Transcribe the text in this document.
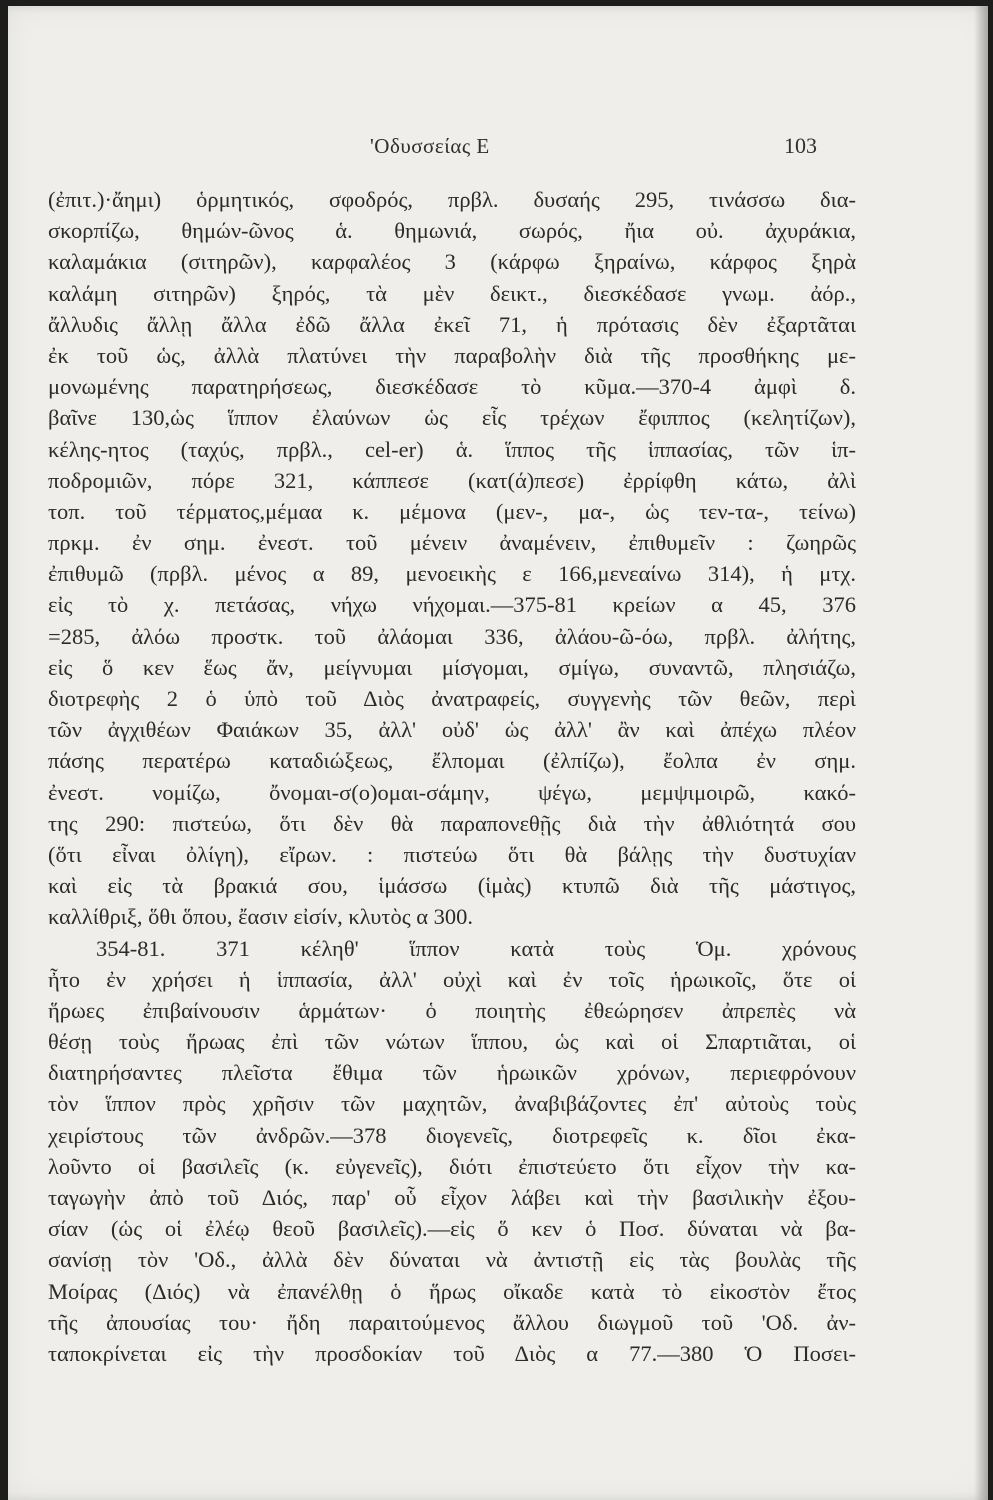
'Οδυσσείας Ε	103
(ἐπιτ.)·ἄημι) ὁρμητικός, σφοδρός, πρβλ. δυσαής 295, τινάσσω δια-
σκορπίζω, θημών-ῶνος ἁ. θημωνιά, σωρός, ἤια οὐ. ἀχυράκια,
καλαμάκια (σιτηρῶν), καρφαλέος 3 (κάρφω ξηραίνω, κάρφος ξηρὰ
καλάμη σιτηρῶν) ξηρός, τὰ μὲν δεικτ., διεσκέδασε γνωμ. ἀόρ.,
ἄλλυδις ἄλλῃ ἄλλα ἐδῶ ἄλλα ἐκεῖ 71, ἡ πρότασις δὲν ἐξαρτᾶται
ἐκ τοῦ ὡς, ἀλλὰ πλατύνει τὴν παραβολὴν διὰ τῆς προσθήκης με-
μονωμένης παρατηρήσεως, διεσκέδασε τὸ κῦμα.—370-4 ἀμφὶ δ.
βαῖνε 130,ὡς ἵππον ἐλαύνων ὡς εἷς τρέχων ἔφιππος (κελητίζων),
κέλης-ητος (ταχύς, πρβλ., cel-er) ἁ. ἵππος τῆς ἱππασίας, τῶν ἱπ-
ποδρομιῶν, πόρε 321, κάππεσε (κατ(ά)πεσε) ἐρρίφθη κάτω, ἀλὶ
τοπ. τοῦ τέρματος,μέμαα κ. μέμονα (μεν-, μα-, ὡς τεν-τα-, τείνω)
πρκμ. ἐν σημ. ἐνεστ. τοῦ μένειν ἀναμένειν, ἐπιθυμεῖν : ζωηρῶς
ἐπιθυμῶ (πρβλ. μένος α 89, μενοεικὴς ε 166,μενεαίνω 314), ἡ μτχ.
εἰς τὸ χ. πετάσας, νήχω νήχομαι.—375-81 κρείων α 45, 376
=285, ἀλόω προστκ. τοῦ ἀλάομαι 336, ἀλάου-ῶ-όω, πρβλ. ἀλήτης,
εἰς ὅ κεν ἕως ἄν, μείγνυμαι μίσγομαι, σμίγω, συναντῶ, πλησιάζω,
διοτρεφὴς 2 ὁ ὑπὸ τοῦ Διὸς ἀνατραφείς, συγγενὴς τῶν θεῶν, περὶ
τῶν ἀγχιθέων Φαιάκων 35, ἀλλ' οὐδ' ὡς ἀλλ' ἂν καὶ ἀπέχω πλέον
πάσης περατέρω καταδιώξεως, ἔλπομαι (ἐλπίζω), ἔολπα ἐν σημ.
ἐνεστ. νομίζω, ὄνομαι-σ(ο)ομαι-σάμην, ψέγω, μεμψιμοιρῶ, κακό-
της 290: πιστεύω, ὅτι δὲν θὰ παραπονεθῇς διὰ τὴν ἀθλιότητά σου
(ὅτι εἶναι ὀλίγη), εἴρων. : πιστεύω ὅτι θὰ βάλῃς τὴν δυστυχίαν
καὶ εἰς τὰ βρακιά σου, ἱμάσσω (ἱμὰς) κτυπῶ διὰ τῆς μάστιγος,
καλλίθριξ, ὅθι ὅπου, ἔασιν εἰσίν, κλυτὸς α 300.
354-81. 371 κέληθ' ἵππον κατὰ τοὺς Ὁμ. χρόνους
ἦτο ἐν χρήσει ἡ ἱππασία, ἀλλ' οὐχὶ καὶ ἐν τοῖς ἡρωικοῖς, ὅτε οἱ
ἥρωες ἐπιβαίνουσιν ἁρμάτων· ὁ ποιητὴς ἐθεώρησεν ἀπρεπὲς νὰ
θέσῃ τοὺς ἥρωας ἐπὶ τῶν νώτων ἵππου, ὡς καὶ οἱ Σπαρτιᾶται, οἱ
διατηρήσαντες πλεῖστα ἔθιμα τῶν ἡρωικῶν χρόνων, περιεφρόνουν
τὸν ἵππον πρὸς χρῆσιν τῶν μαχητῶν, ἀναβιβάζοντες ἐπ' αὐτοὺς τοὺς
χειρίστους τῶν ἀνδρῶν.—378 διογενεῖς, διοτρεφεῖς κ. δῖοι ἐκα-
λοῦντο οἱ βασιλεῖς (κ. εὐγενεῖς), διότι ἐπιστεύετο ὅτι εἶχον τὴν κα-
ταγωγὴν ἀπὸ τοῦ Διός, παρ' οὗ εἶχον λάβει καὶ τὴν βασιλικὴν ἐξου-
σίαν (ὡς οἱ ἐλέῳ θεοῦ βασιλεῖς).—εἰς ὅ κεν ὁ Ποσ. δύναται νὰ βα-
σανίσῃ τὸν 'Οδ., ἀλλὰ δὲν δύναται νὰ ἀντιστῇ εἰς τὰς βουλὰς τῆς
Μοίρας (Διός) νὰ ἐπανέλθῃ ὁ ἥρως οἴκαδε κατὰ τὸ εἰκοστὸν ἔτος
τῆς ἀπουσίας του· ἤδη παραιτούμενος ἄλλου διωγμοῦ τοῦ 'Οδ. ἀν-
ταποκρίνεται εἰς τὴν προσδοκίαν τοῦ Διὸς α 77.—380 Ὁ Ποσει-
